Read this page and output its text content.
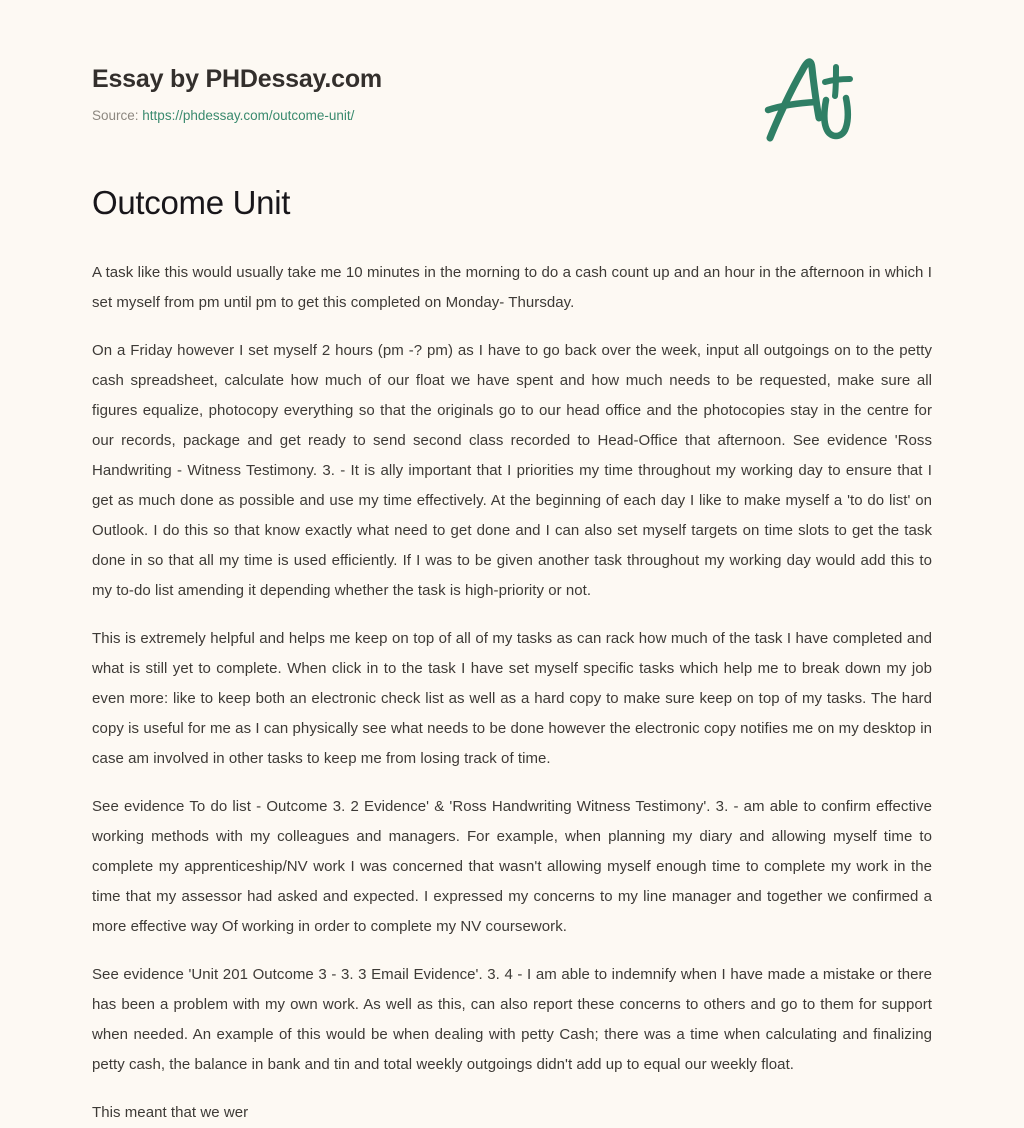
Essay by PHDessay.com

Source: https://phdessay.com/outcome-unit/

Outcome Unit

A task like this would usually take me 10 minutes in the morning to do a cash count up and an hour in the afternoon in which I set myself from pm until pm to get this completed on Monday- Thursday.

On a Friday however I set myself 2 hours (pm -? pm) as I have to go back over the week, input all outgoings on to the petty cash spreadsheet, calculate how much of our float we have spent and how much needs to be requested, make sure all figures equalize, photocopy everything so that the originals go to our head office and the photocopies stay in the centre for our records, package and get ready to send second class recorded to Head-Office that afternoon. See evidence 'Ross Handwriting - Witness Testimony. 3. - It is ally important that I priorities my time throughout my working day to ensure that I get as much done as possible and use my time effectively. At the beginning of each day I like to make myself a 'to do list' on Outlook. I do this so that know exactly what need to get done and I can also set myself targets on time slots to get the task done in so that all my time is used efficiently. If I was to be given another task throughout my working day would add this to my to-do list amending it depending whether the task is high-priority or not.

This is extremely helpful and helps me keep on top of all of my tasks as can rack how much of the task I have completed and what is still yet to complete. When click in to the task I have set myself specific tasks which help me to break down my job even more: like to keep both an electronic check list as well as a hard copy to make sure keep on top of my tasks. The hard copy is useful for me as I can physically see what needs to be done however the electronic copy notifies me on my desktop in case am involved in other tasks to keep me from losing track of time.

See evidence To do list - Outcome 3. 2 Evidence' & 'Ross Handwriting Witness Testimony'. 3. - am able to confirm effective working methods with my colleagues and managers. For example, when planning my diary and allowing myself time to complete my apprenticeship/NV work I was concerned that wasn't allowing myself enough time to complete my work in the time that my assessor had asked and expected. I expressed my concerns to my line manager and together we confirmed a more effective way Of working in order to complete my NV coursework.

See evidence 'Unit 201 Outcome 3 - 3. 3 Email Evidence'. 3. 4 - I am able to indemnify when I have made a mistake or there has been a problem with my own work. As well as this, can also report these concerns to others and go to them for support when needed. An example of this would be when dealing with petty Cash; there was a time when calculating and finalizing petty cash, the balance in bank and tin and total weekly outgoings didn't add up to equal our weekly float.

This meant that we wer
